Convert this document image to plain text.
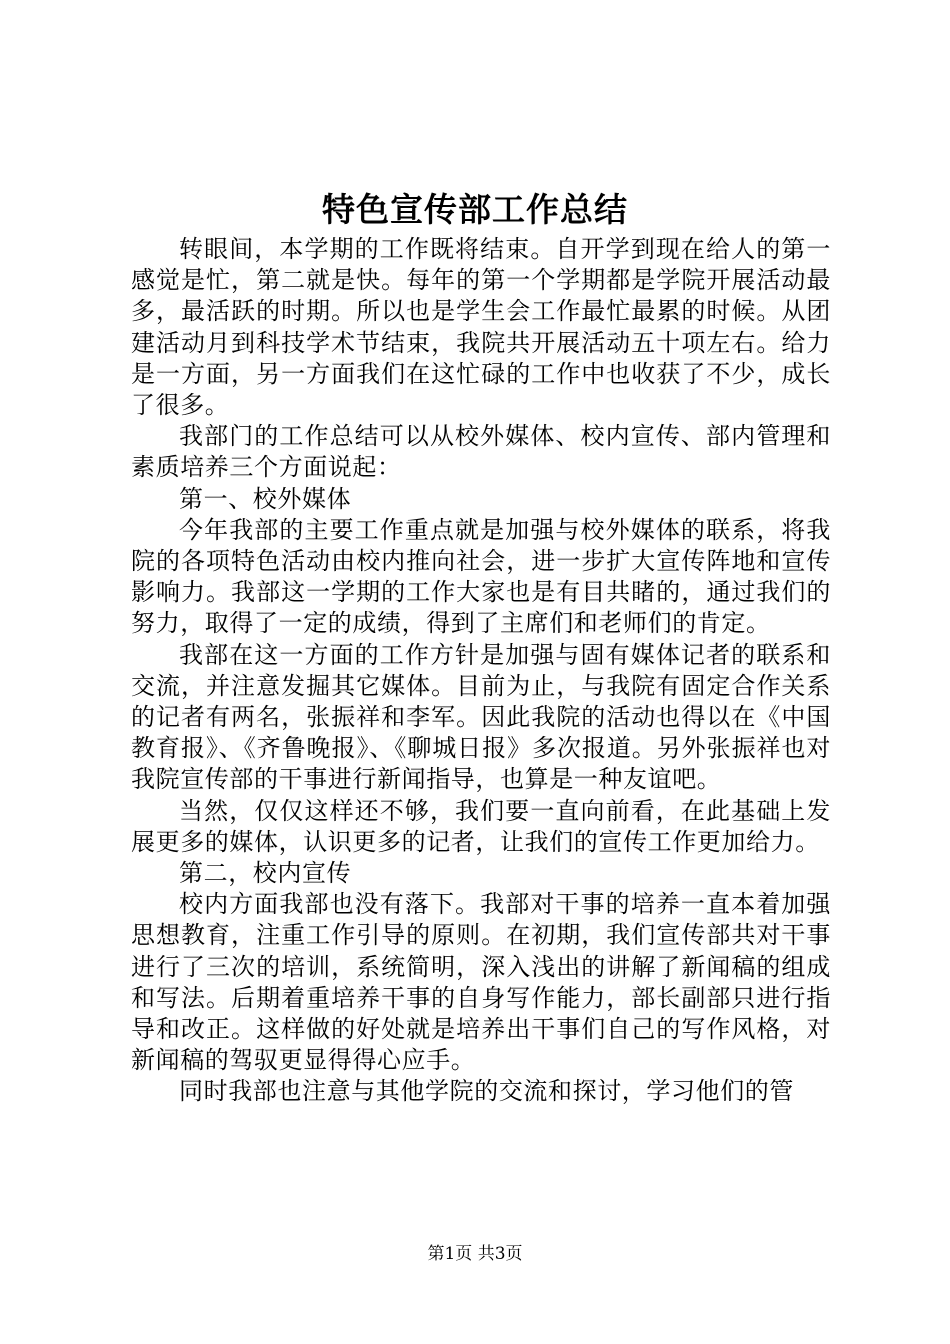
特色宣传部工作总结

转眼间，本学期的工作既将结束。自开学到现在给人的第一感觉是忙，第二就是快。每年的第一个学期都是学院开展活动最多，最活跃的时期。所以也是学生会工作最忙最累的时候。从团建活动月到科技学术节结束，我院共开展活动五十项左右。给力是一方面，另一方面我们在这忙碌的工作中也收获了不少，成长了很多。

我部门的工作总结可以从校外媒体、校内宣传、部内管理和素质培养三个方面说起：

第一、校外媒体

今年我部的主要工作重点就是加强与校外媒体的联系，将我院的各项特色活动由校内推向社会，进一步扩大宣传阵地和宣传影响力。我部这一学期的工作大家也是有目共睹的，通过我们的努力，取得了一定的成绩，得到了主席们和老师们的肯定。

我部在这一方面的工作方针是加强与固有媒体记者的联系和交流，并注意发掘其它媒体。目前为止，与我院有固定合作关系的记者有两名，张振祥和李军。因此我院的活动也得以在《中国教育报》、《齐鲁晚报》、《聊城日报》多次报道。另外张振祥也对我院宣传部的干事进行新闻指导，也算是一种友谊吧。

当然，仅仅这样还不够，我们要一直向前看，在此基础上发展更多的媒体，认识更多的记者，让我们的宣传工作更加给力。

第二，校内宣传

校内方面我部也没有落下。我部对干事的培养一直本着加强思想教育，注重工作引导的原则。在初期，我们宣传部共对干事进行了三次的培训，系统简明，深入浅出的讲解了新闻稿的组成和写法。后期着重培养干事的自身写作能力，部长副部只进行指导和改正。这样做的好处就是培养出干事们自己的写作风格，对新闻稿的驾驭更显得得心应手。

同时我部也注意与其他学院的交流和探讨，学习他们的管

第1页 共3页
